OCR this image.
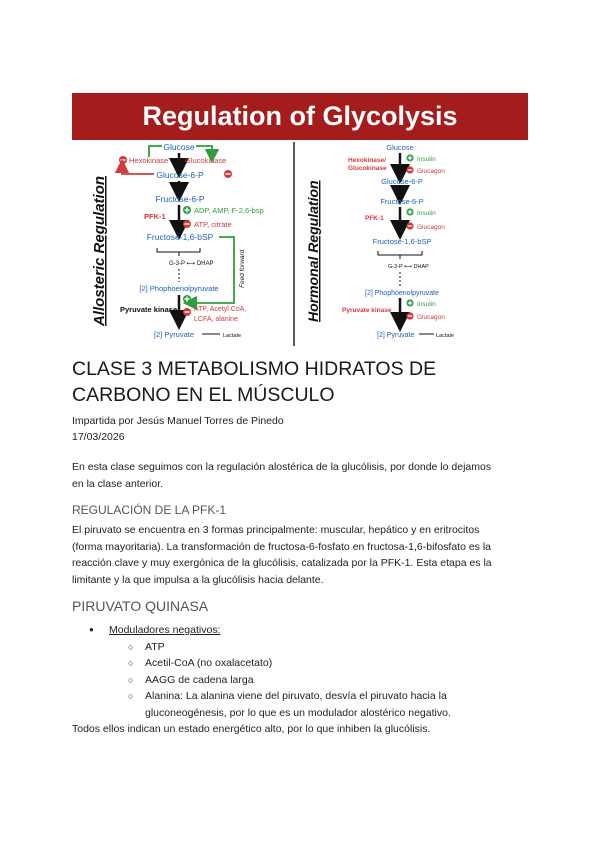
Regulation of Glycolysis
Allosteric Regulation
Glucose
Hexokinase Glucokinase
Glucose-6-P
Fructose-6-P
PFK-1
ADP, AMP, F-2,6-bsp
ATP, citrate
Fructose-1,6-bSP
Feed forward
G-3-P ⟷ DHAP
[2] Phophoenolpyruvate
Pyruvate kinase ATP, Acetyl CoA,
LCFA, alanine
[2] Pyruvate	Lactate
Hormonal Regulation
Glucose
Hexokinase/
Glucokinase
Insulin
Glucagon
Glucose-6-P
Fructose-6-P
PFK-1
Insulin
Glucagon
Fructose-1,6-bSP
G-3-P ⟷ DHAP
[2] Phophoenolpyruvate
Pyruvate kinase
Insulin
Glucagon
[2] Pyruvate	Lactate
CLASE 3 METABOLISMO HIDRATOS DE
CARBONO EN EL MÚSCULO
Impartida por Jesús Manuel Torres de Pinedo
17/03/2026
En esta clase seguimos con la regulación alostérica de la glucólisis, por donde lo dejamos
en la clase anterior.
REGULACIÓN DE LA PFK-1
El piruvato se encuentra en 3 formas principalmente: muscular, hepático y en eritrocitos
(forma mayoritaria). La transformación de fructosa-6-fosfato en fructosa-1,6-bifosfato es la
reacción clave y muy exergónica de la glucólisis, catalizada por la PFK-1. Esta etapa es la
limitante y la que impulsa a la glucólisis hacia delante.
PIRUVATO QUINASA
● Moduladores negativos:
○ ATP
○ Acetil-CoA (no oxalacetato)
○ AAGG de cadena larga
○ Alanina: La alanina viene del piruvato, desvía el piruvato hacia la
gluconeogénesis, por lo que es un modulador alostérico negativo.
Todos ellos indican un estado energético alto, por lo que inhiben la glucólisis.
